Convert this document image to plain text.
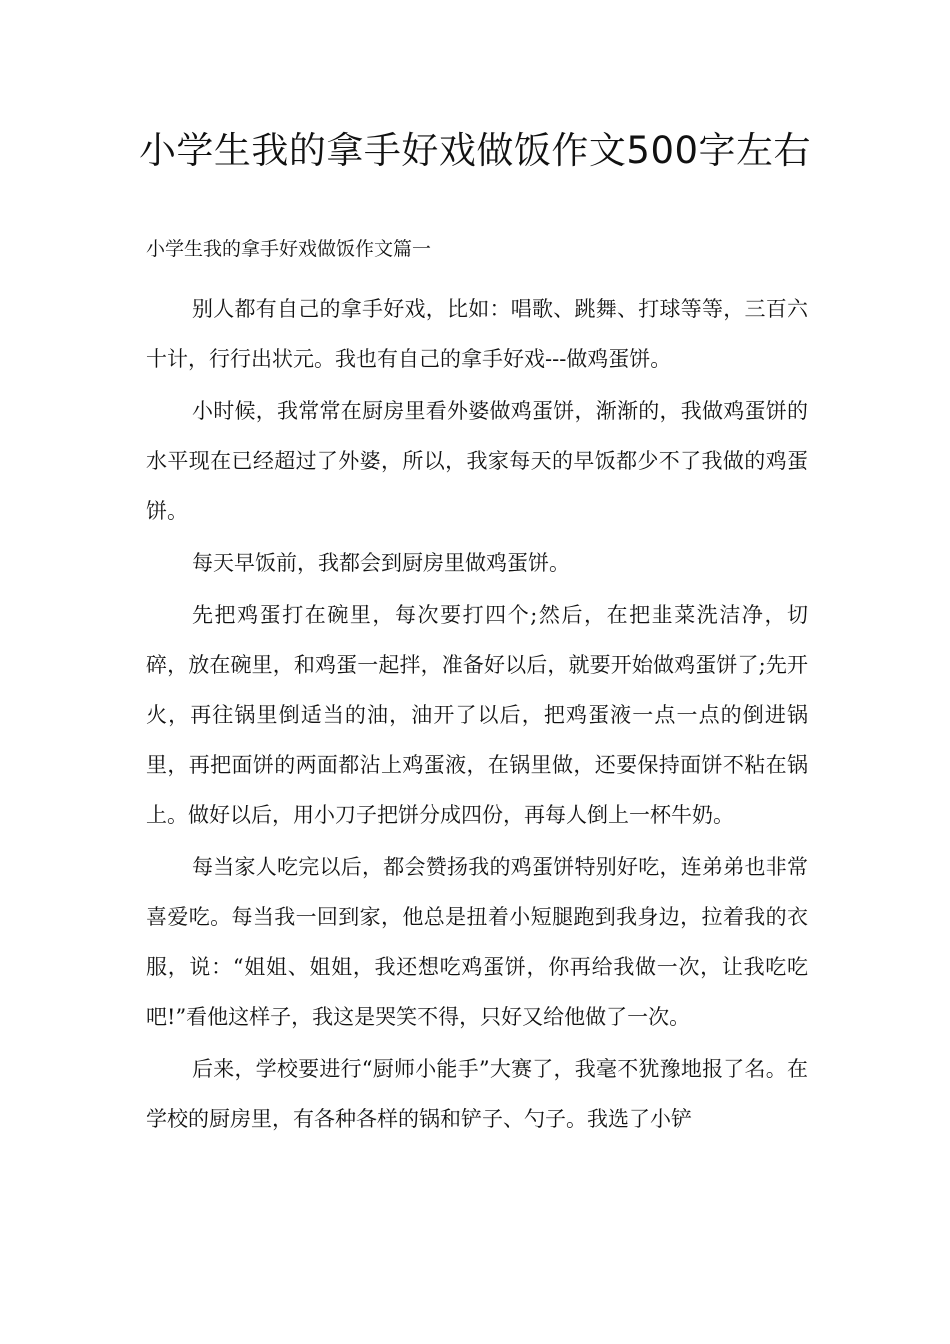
小学生我的拿手好戏做饭作文500字左右

小学生我的拿手好戏做饭作文篇一

别人都有自己的拿手好戏，比如：唱歌、跳舞、打球等等，三百六十计，行行出状元。我也有自己的拿手好戏---做鸡蛋饼。

小时候，我常常在厨房里看外婆做鸡蛋饼，渐渐的，我做鸡蛋饼的水平现在已经超过了外婆，所以，我家每天的早饭都少不了我做的鸡蛋饼。

每天早饭前，我都会到厨房里做鸡蛋饼。

先把鸡蛋打在碗里，每次要打四个;然后，在把韭菜洗洁净，切碎，放在碗里，和鸡蛋一起拌，准备好以后，就要开始做鸡蛋饼了;先开火，再往锅里倒适当的油，油开了以后，把鸡蛋液一点一点的倒进锅里，再把面饼的两面都沾上鸡蛋液，在锅里做，还要保持面饼不粘在锅上。做好以后，用小刀子把饼分成四份，再每人倒上一杯牛奶。

每当家人吃完以后，都会赞扬我的鸡蛋饼特别好吃，连弟弟也非常喜爱吃。每当我一回到家，他总是扭着小短腿跑到我身边，拉着我的衣服，说：“姐姐、姐姐，我还想吃鸡蛋饼，你再给我做一次，让我吃吃吧!”看他这样子，我这是哭笑不得，只好又给他做了一次。

后来，学校要进行“厨师小能手”大赛了，我毫不犹豫地报了名。在学校的厨房里，有各种各样的锅和铲子、勺子。我选了小铲
